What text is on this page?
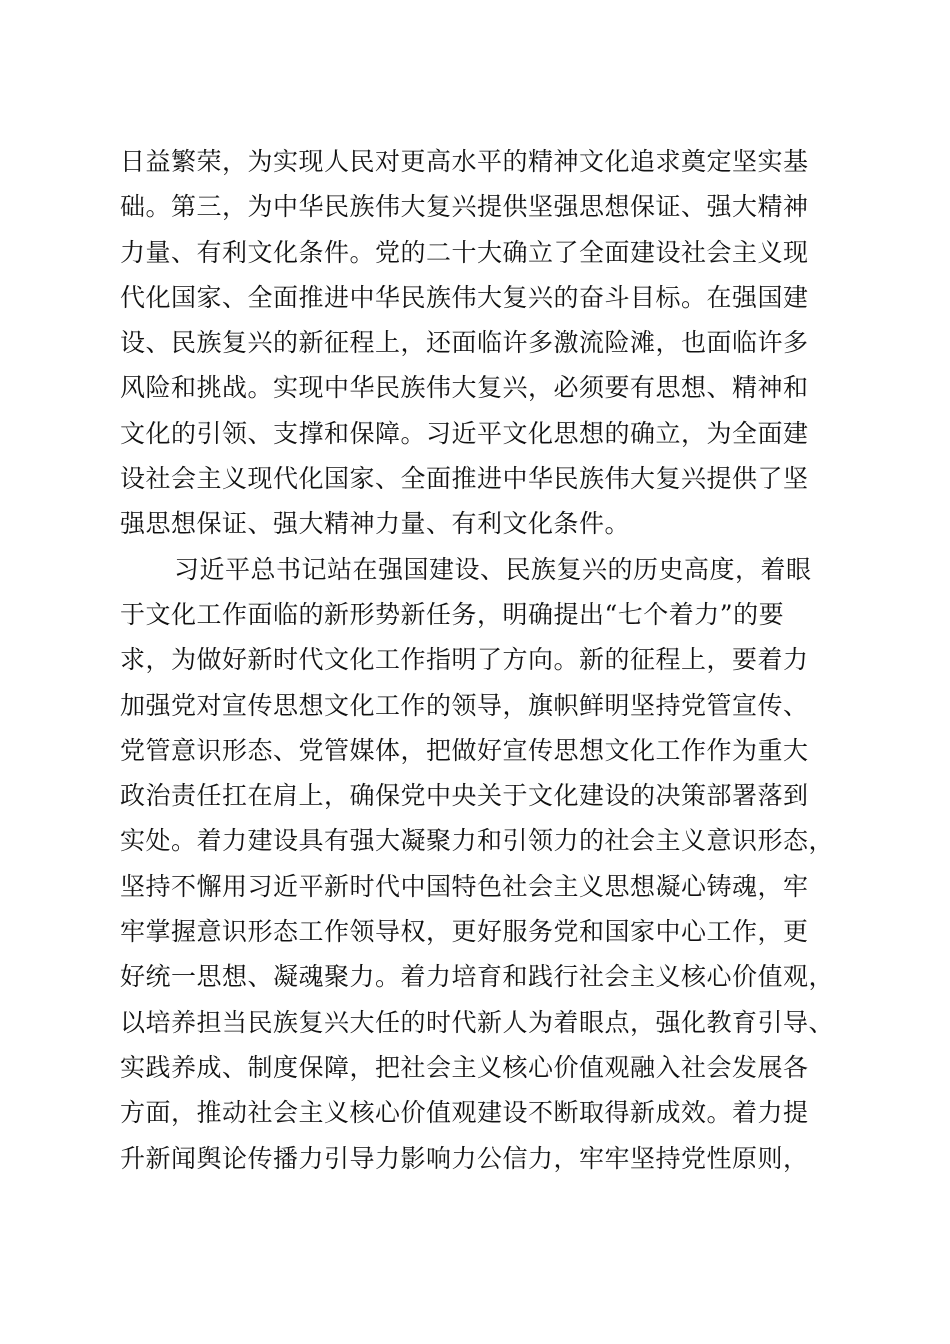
日益繁荣，为实现人民对更高水平的精神文化追求奠定坚实基
础。第三，为中华民族伟大复兴提供坚强思想保证、强大精神
力量、有利文化条件。党的二十大确立了全面建设社会主义现
代化国家、全面推进中华民族伟大复兴的奋斗目标。在强国建
设、民族复兴的新征程上，还面临许多激流险滩，也面临许多
风险和挑战。实现中华民族伟大复兴，必须要有思想、精神和
文化的引领、支撑和保障。习近平文化思想的确立，为全面建
设社会主义现代化国家、全面推进中华民族伟大复兴提供了坚
强思想保证、强大精神力量、有利文化条件。
习近平总书记站在强国建设、民族复兴的历史高度，着眼
于文化工作面临的新形势新任务，明确提出“七个着力”的要
求，为做好新时代文化工作指明了方向。新的征程上，要着力
加强党对宣传思想文化工作的领导，旗帜鲜明坚持党管宣传、
党管意识形态、党管媒体，把做好宣传思想文化工作作为重大
政治责任扛在肩上，确保党中央关于文化建设的决策部署落到
实处。着力建设具有强大凝聚力和引领力的社会主义意识形态，
坚持不懈用习近平新时代中国特色社会主义思想凝心铸魂，牢
牢掌握意识形态工作领导权，更好服务党和国家中心工作，更
好统一思想、凝魂聚力。着力培育和践行社会主义核心价值观，
以培养担当民族复兴大任的时代新人为着眼点，强化教育引导、
实践养成、制度保障，把社会主义核心价值观融入社会发展各
方面，推动社会主义核心价值观建设不断取得新成效。着力提
升新闻舆论传播力引导力影响力公信力，牢牢坚持党性原则，
